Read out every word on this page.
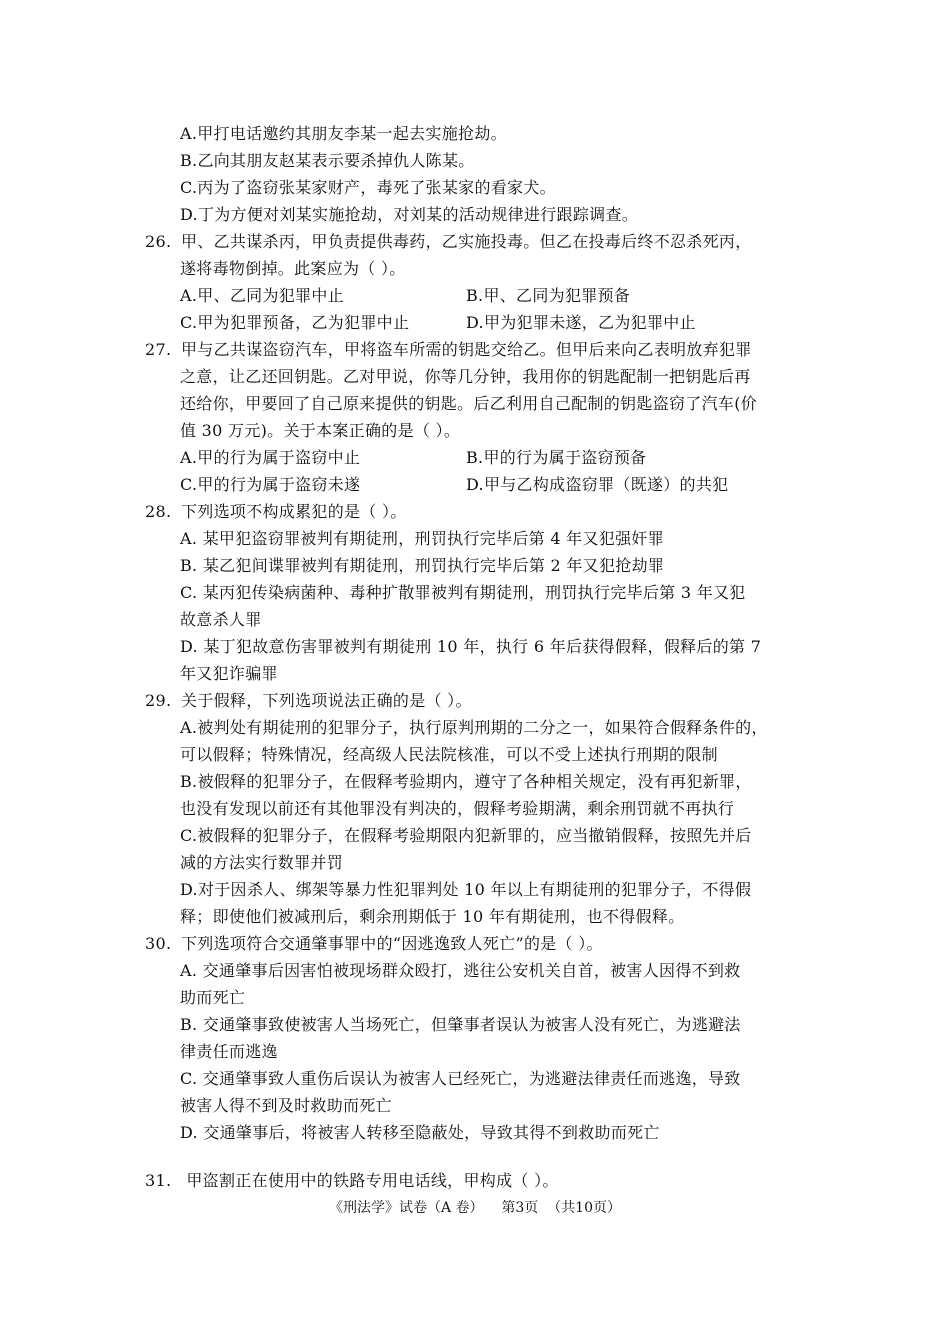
A.甲打电话邀约其朋友李某一起去实施抢劫。
B.乙向其朋友赵某表示要杀掉仇人陈某。
C.丙为了盗窃张某家财产，毒死了张某家的看家犬。
D.丁为方便对刘某实施抢劫，对刘某的活动规律进行跟踪调查。
26. 甲、乙共谋杀丙，甲负责提供毒药，乙实施投毒。但乙在投毒后终不忍杀死丙，
遂将毒物倒掉。此案应为（ ）。
A.甲、乙同为犯罪中止	B.甲、乙同为犯罪预备
C.甲为犯罪预备，乙为犯罪中止	D.甲为犯罪未遂，乙为犯罪中止
27. 甲与乙共谋盗窃汽车，甲将盗车所需的钥匙交给乙。但甲后来向乙表明放弃犯罪
之意，让乙还回钥匙。乙对甲说，你等几分钟，我用你的钥匙配制一把钥匙后再
还给你，甲要回了自己原来提供的钥匙。后乙利用自己配制的钥匙盗窃了汽车(价
值 30 万元)。关于本案正确的是（ ）。
A.甲的行为属于盗窃中止	B.甲的行为属于盗窃预备
C.甲的行为属于盗窃未遂	D.甲与乙构成盗窃罪（既遂）的共犯
28. 下列选项不构成累犯的是（ ）。
A. 某甲犯盗窃罪被判有期徒刑，刑罚执行完毕后第 4 年又犯强奸罪
B. 某乙犯间谍罪被判有期徒刑，刑罚执行完毕后第 2 年又犯抢劫罪
C. 某丙犯传染病菌种、毒种扩散罪被判有期徒刑，刑罚执行完毕后第 3 年又犯
故意杀人罪
D. 某丁犯故意伤害罪被判有期徒刑 10 年，执行 6 年后获得假释，假释后的第 7
年又犯诈骗罪
29. 关于假释，下列选项说法正确的是（ ）。
A.被判处有期徒刑的犯罪分子，执行原判刑期的二分之一，如果符合假释条件的，
可以假释；特殊情况，经高级人民法院核准，可以不受上述执行刑期的限制
B.被假释的犯罪分子，在假释考验期内，遵守了各种相关规定，没有再犯新罪，
也没有发现以前还有其他罪没有判决的，假释考验期满，剩余刑罚就不再执行
C.被假释的犯罪分子，在假释考验期限内犯新罪的，应当撤销假释，按照先并后
减的方法实行数罪并罚
D.对于因杀人、绑架等暴力性犯罪判处 10 年以上有期徒刑的犯罪分子，不得假
释；即使他们被减刑后，剩余刑期低于 10 年有期徒刑，也不得假释。
30. 下列选项符合交通肇事罪中的“因逃逸致人死亡”的是（ ）。
A. 交通肇事后因害怕被现场群众殴打，逃往公安机关自首，被害人因得不到救
助而死亡
B. 交通肇事致使被害人当场死亡，但肇事者误认为被害人没有死亡，为逃避法
律责任而逃逸
C. 交通肇事致人重伤后误认为被害人已经死亡，为逃避法律责任而逃逸，导致
被害人得不到及时救助而死亡
D. 交通肇事后，将被害人转移至隐蔽处，导致其得不到救助而死亡
31. 甲盗割正在使用中的铁路专用电话线，甲构成（ ）。
《刑法学》试卷（A 卷）    第3页  （共10页）
